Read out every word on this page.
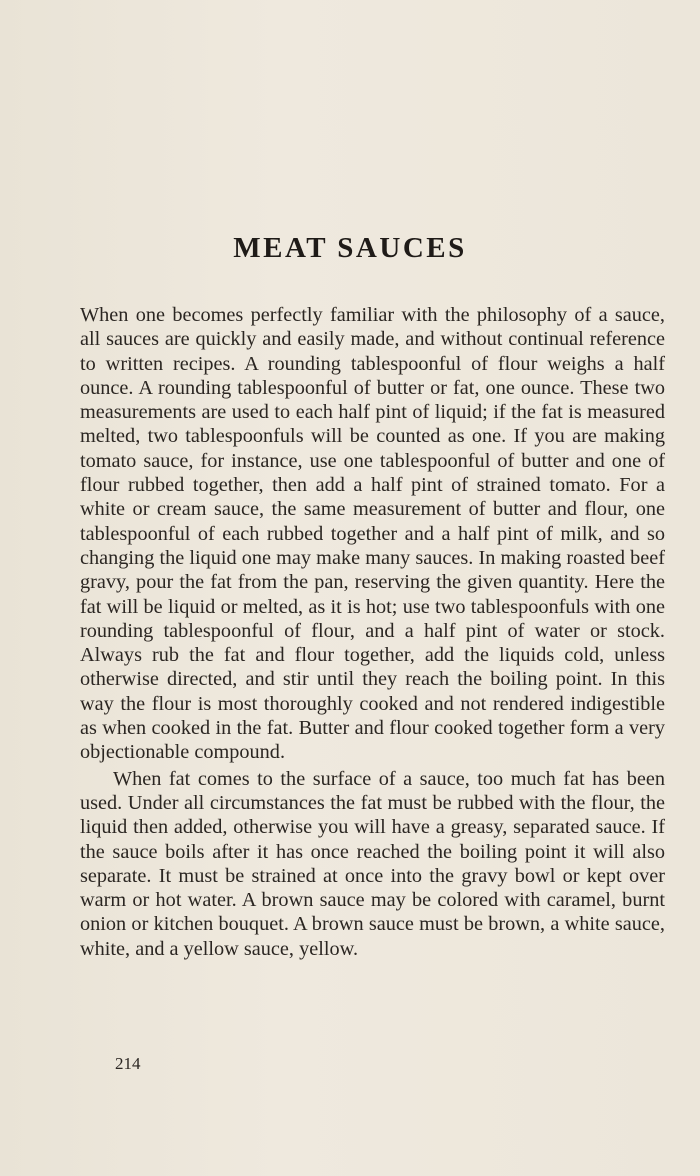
MEAT SAUCES

When one becomes perfectly familiar with the philosophy of a sauce, all sauces are quickly and easily made, and without continual reference to written recipes. A rounding tablespoonful of flour weighs a half ounce. A rounding tablespoonful of butter or fat, one ounce. These two measurements are used to each half pint of liquid; if the fat is measured melted, two tablespoonfuls will be counted as one. If you are making tomato sauce, for instance, use one tablespoonful of butter and one of flour rubbed together, then add a half pint of strained tomato. For a white or cream sauce, the same measurement of butter and flour, one tablespoonful of each rubbed together and a half pint of milk, and so changing the liquid one may make many sauces. In making roasted beef gravy, pour the fat from the pan, reserving the given quantity. Here the fat will be liquid or melted, as it is hot; use two tablespoonfuls with one rounding tablespoonful of flour, and a half pint of water or stock. Always rub the fat and flour together, add the liquids cold, unless otherwise directed, and stir until they reach the boiling point. In this way the flour is most thoroughly cooked and not rendered indigestible as when cooked in the fat. Butter and flour cooked together form a very objectionable compound.

When fat comes to the surface of a sauce, too much fat has been used. Under all circumstances the fat must be rubbed with the flour, the liquid then added, otherwise you will have a greasy, separated sauce. If the sauce boils after it has once reached the boiling point it will also separate. It must be strained at once into the gravy bowl or kept over warm or hot water. A brown sauce may be colored with caramel, burnt onion or kitchen bouquet. A brown sauce must be brown, a white sauce, white, and a yellow sauce, yellow.

214
